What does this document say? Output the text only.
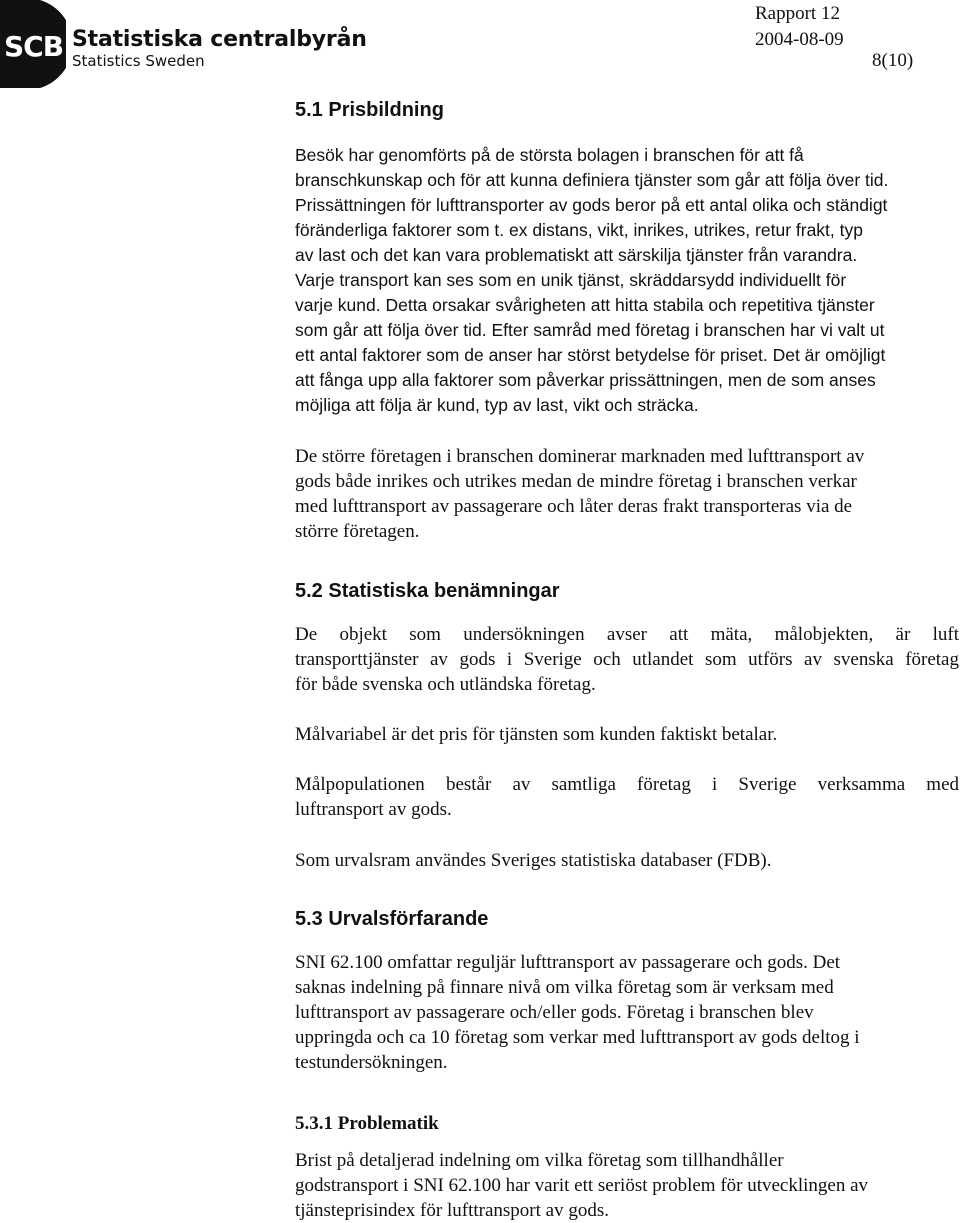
SCB Statistiska centralbyrån
Statistics Sweden
Rapport 12
2004-08-09
8(10)
5.1 Prisbildning
Besök har genomförts på de största bolagen i branschen för att få
branschkunskap och för att kunna definiera tjänster som går att följa över tid.
Prissättningen för lufttransporter av gods beror på ett antal olika och ständigt
föränderliga faktorer som t. ex distans, vikt, inrikes, utrikes, retur frakt, typ
av last och det kan vara problematiskt att särskilja tjänster från varandra.
Varje transport kan ses som en unik tjänst, skräddarsydd individuellt för
varje kund. Detta orsakar svårigheten att hitta stabila och repetitiva tjänster
som går att följa över tid. Efter samråd med företag i branschen har vi valt ut
ett antal faktorer som de anser har störst betydelse för priset. Det är omöjligt
att fånga upp alla faktorer som påverkar prissättningen, men de som anses
möjliga att följa är kund, typ av last, vikt och sträcka.
De större företagen i branschen dominerar marknaden med lufttransport av
gods både inrikes och utrikes medan de mindre företag i branschen verkar
med lufttransport av passagerare och låter deras frakt transporteras via de
större företagen.
5.2 Statistiska benämningar
De objekt som undersökningen avser att mäta, målobjekten, är luft
transporttjänster av gods i Sverige och utlandet som utförs av svenska företag
för både svenska och utländska företag.
Målvariabel är det pris för tjänsten som kunden faktiskt betalar.
Målpopulationen består av samtliga företag i Sverige verksamma med
luftransport av gods.
Som urvalsram användes Sveriges statistiska databaser (FDB).
5.3 Urvalsförfarande
SNI 62.100 omfattar reguljär lufttransport av passagerare och gods. Det
saknas indelning på finnare nivå om vilka företag som är verksam med
lufttransport av passagerare och/eller gods. Företag i branschen blev
uppringda och ca 10 företag som verkar med lufttransport av gods deltog i
testundersökningen.
5.3.1 Problematik
Brist på detaljerad indelning om vilka företag som tillhandhåller
godstransport i SNI 62.100 har varit ett seriöst problem för utvecklingen av
tjänsteprisindex för lufttransport av gods.
